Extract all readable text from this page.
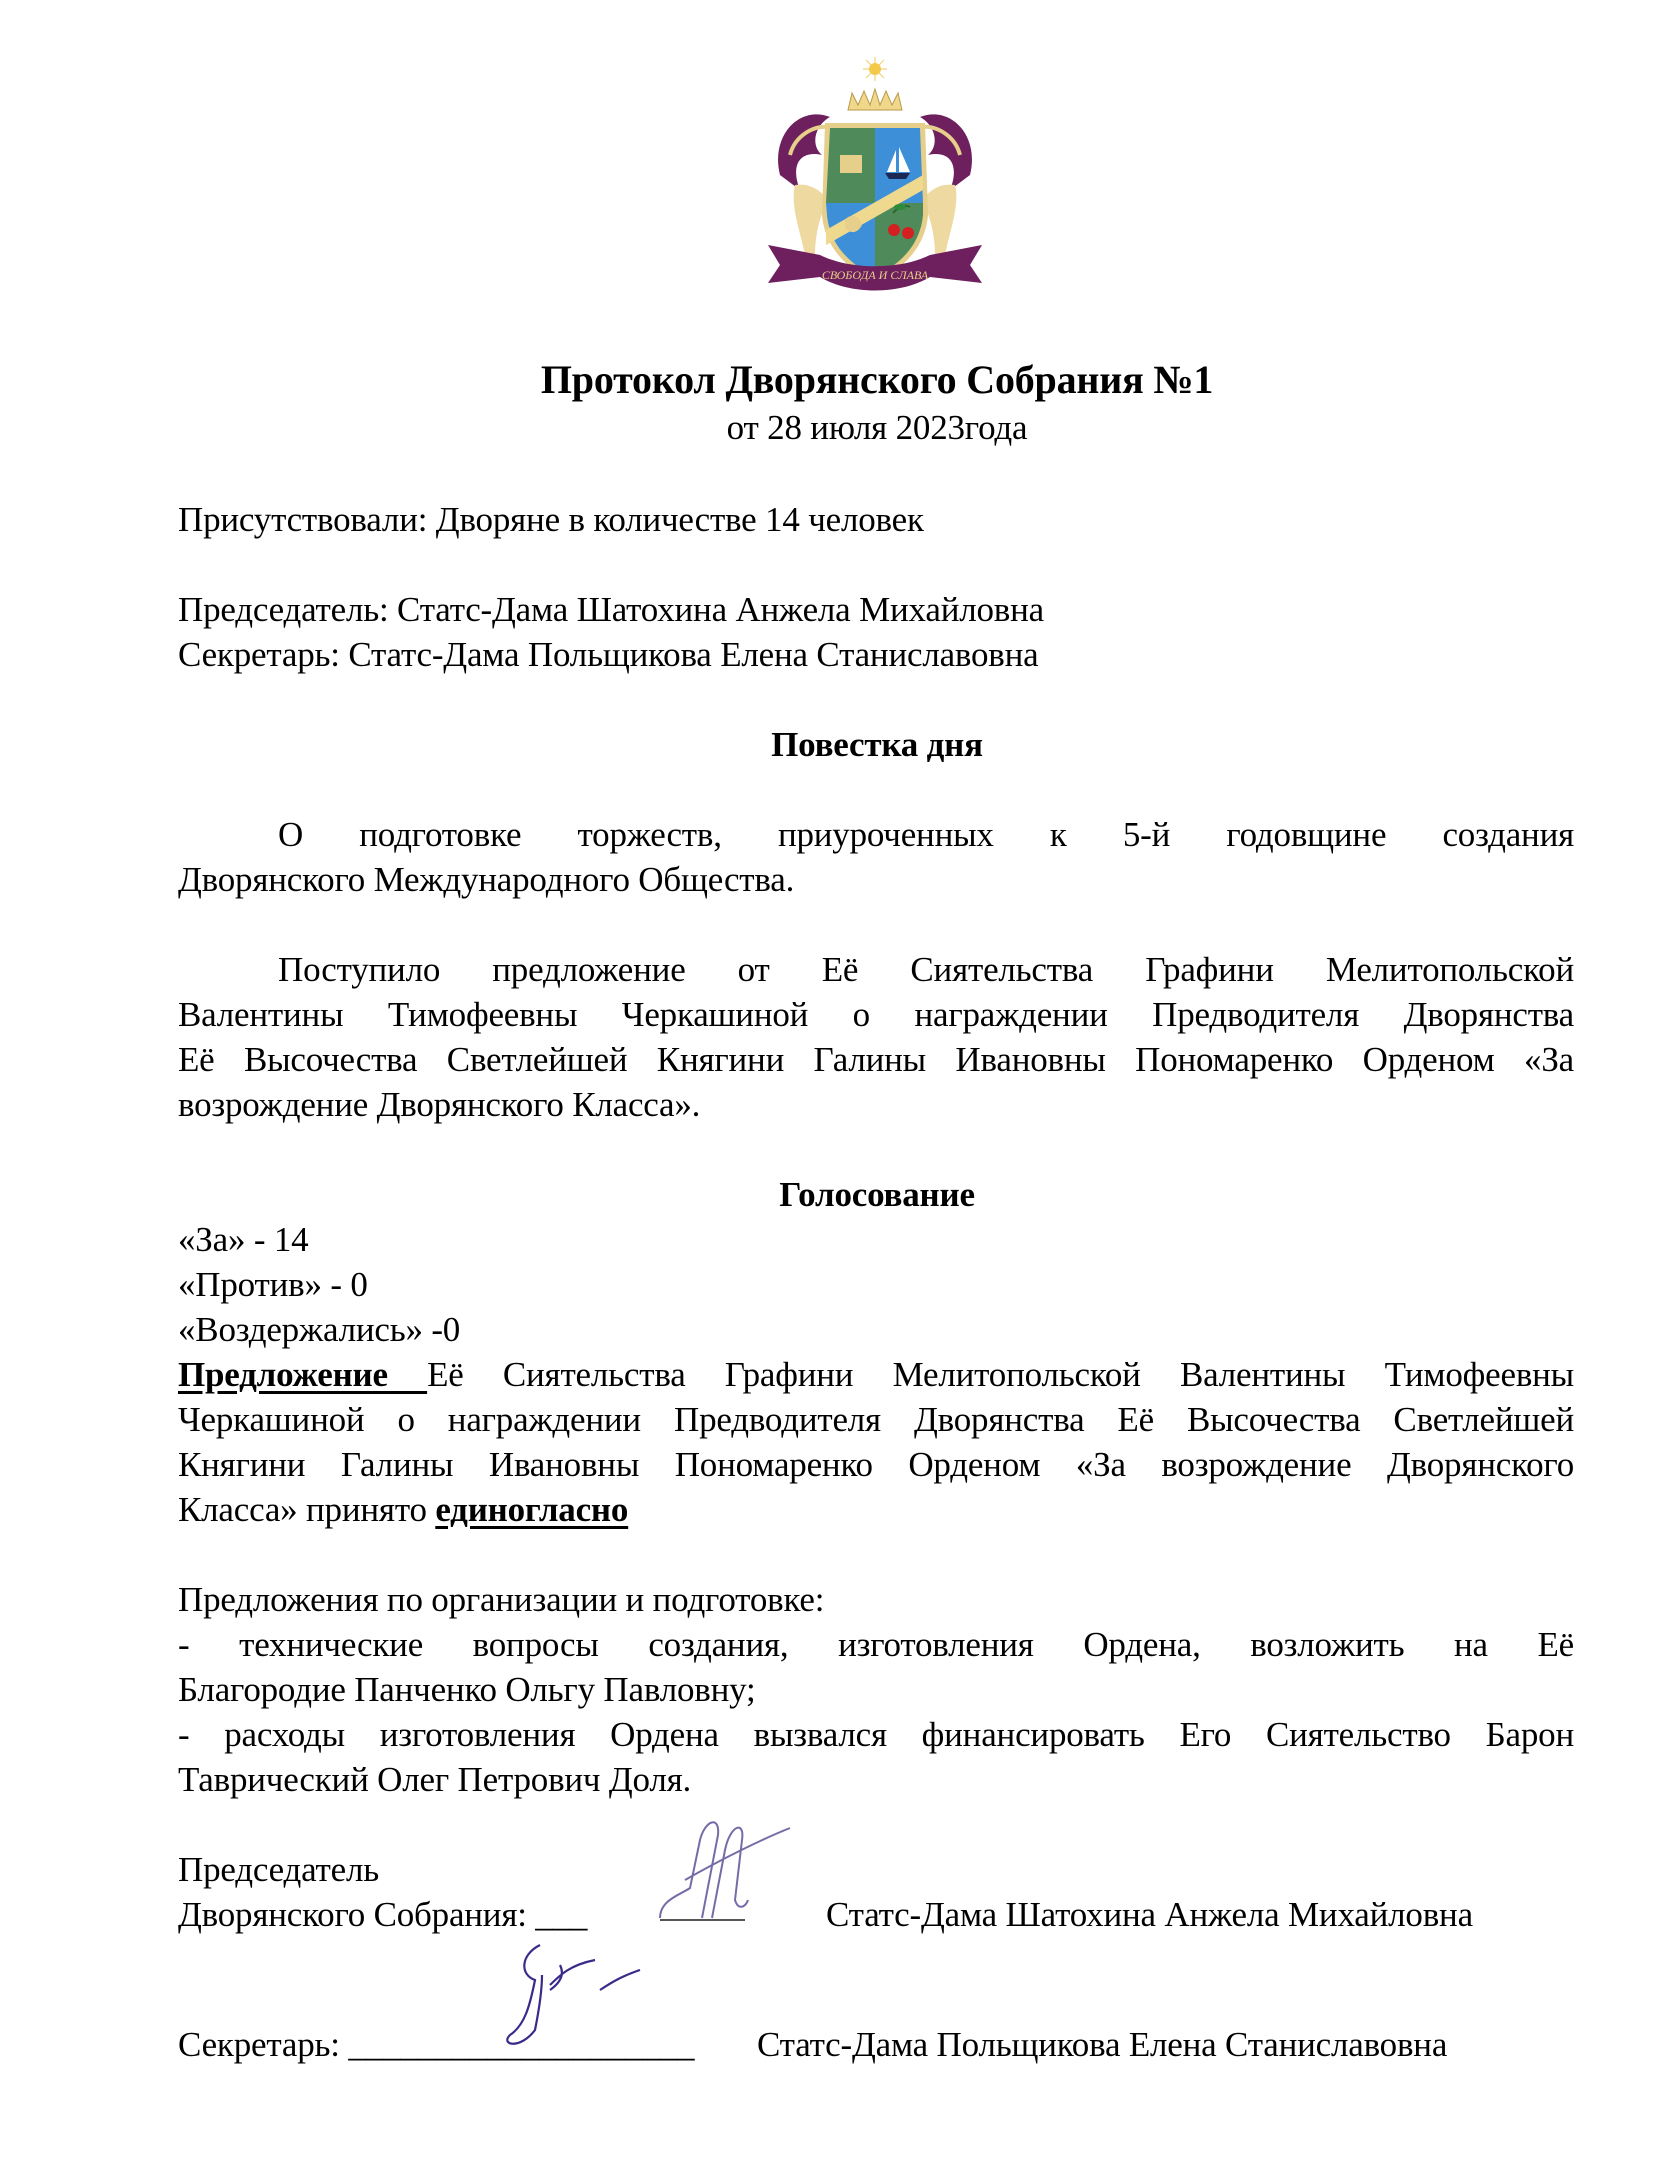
СВОБОДА И СЛАВА
Протокол Дворянского Собрания №1
от 28 июля 2023года
Присутствовали: Дворяне в количестве 14 человек
Председатель: Статс-Дама Шатохина Анжела Михайловна
Секретарь: Статс-Дама Польщикова Елена Станиславовна
Повестка дня
О подготовке торжеств, приуроченных к 5-й годовщине создания
Дворянского Международного Общества.
Поступило предложение от Её Сиятельства Графини Мелитопольской
Валентины Тимофеевны Черкашиной о награждении Предводителя Дворянства
Её Высочества Светлейшей Княгини Галины Ивановны Пономаренко Орденом «За
возрождение Дворянского Класса».
Голосование
«За» - 14
«Против» - 0
«Воздержались» -0
Предложение Её Сиятельства Графини Мелитопольской Валентины Тимофеевны
Черкашиной о награждении Предводителя Дворянства Её Высочества Светлейшей
Княгини Галины Ивановны Пономаренко Орденом «За возрождение Дворянского
Класса» принято единогласно
Предложения по организации и подготовке:
- технические вопросы создания, изготовления Ордена, возложить на Её
Благородие Панченко Ольгу Павловну;
- расходы изготовления Ордена вызвался финансировать Его Сиятельство Барон
Таврический Олег Петрович Доля.
Председатель
Дворянского Собрания: ___	Статс-Дама Шатохина Анжела Михайловна
Секретарь: ____________________ Статс-Дама Польщикова Елена Станиславовна
